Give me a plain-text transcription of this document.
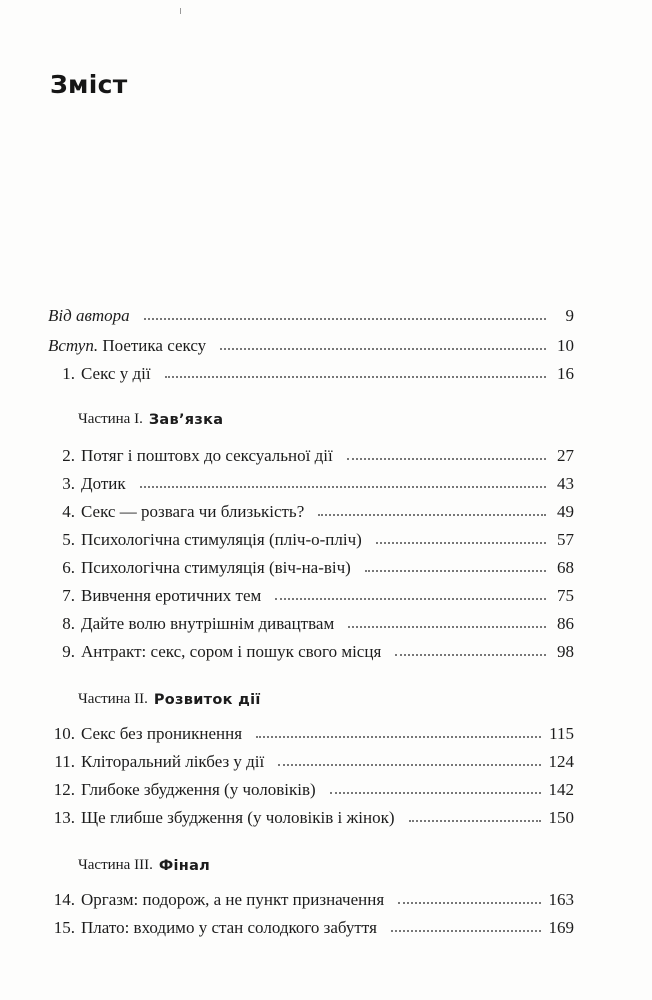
Зміст
Від автора	9
Вступ. Поетика сексу	10
1. Секс у дії	16
Частина І. Зав’язка
2. Потяг і поштовх до сексуальної дії	27
3. Дотик	43
4. Секс — розвага чи близькість?	49
5. Психологічна стимуляція (пліч-о-пліч)	57
6. Психологічна стимуляція (віч-на-віч)	68
7. Вивчення еротичних тем	75
8. Дайте волю внутрішнім дивацтвам	86
9. Антракт: секс, сором і пошук свого місця	98
Частина ІІ. Розвиток дії
10. Секс без проникнення	115
11. Кліторальний лікбез у дії	124
12. Глибоке збудження (у чоловіків)	142
13. Ще глибше збудження (у чоловіків і жінок)	150
Частина ІІІ. Фінал
14. Оргазм: подорож, а не пункт призначення	163
15. Плато: входимо у стан солодкого забуття	169
